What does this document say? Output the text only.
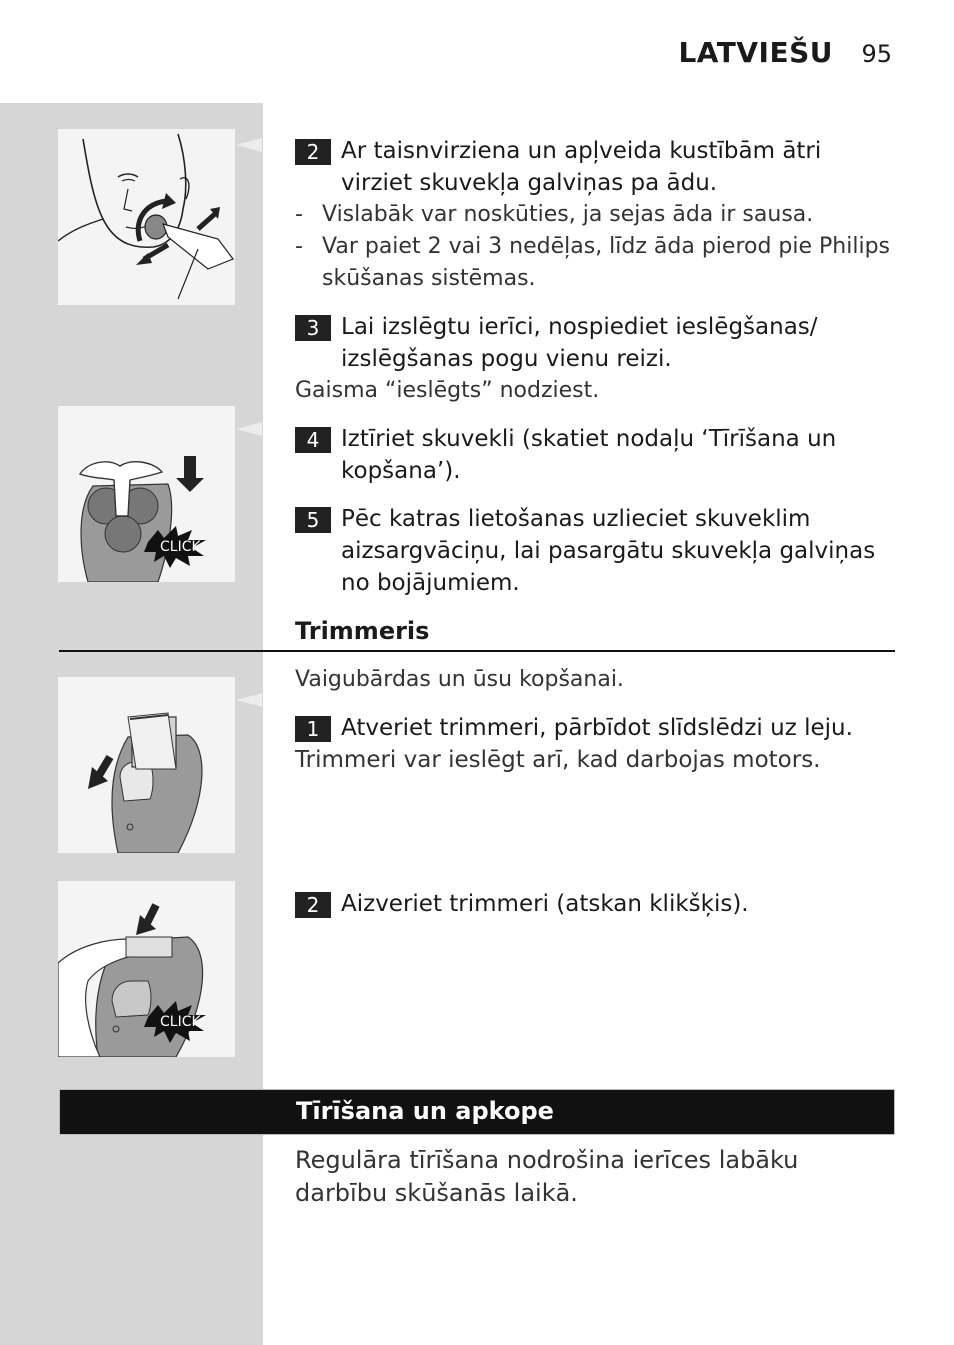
LATVIEŠU 95
CLICK
CLICK
2 Ar taisnvirziena un apļveida kustībām ātri virziet skuvekļa galviņas pa ādu.
- Vislabāk var noskūties, ja sejas āda ir sausa.
- Var paiet 2 vai 3 nedēļas, līdz āda pierod pie Philips skūšanas sistēmas.
3 Lai izslēgtu ierīci, nospiediet ieslēgšanas/ izslēgšanas pogu vienu reizi.
Gaisma “ieslēgts” nodziest.
4 Iztīriet skuvekli (skatiet nodaļu ‘Tīrīšana un kopšana’).
5 Pēc katras lietošanas uzlieciet skuveklim aizsargvāciņu, lai pasargātu skuvekļa galviņas no bojājumiem.
Trimmeris
Vaigubārdas un ūsu kopšanai.
1 Atveriet trimmeri, pārbīdot slīdslēdzi uz leju.
Trimmeri var ieslēgt arī, kad darbojas motors.
2 Aizveriet trimmeri (atskan klikšķis).
Tīrīšana un apkope
Regulāra tīrīšana nodrošina ierīces labāku darbību skūšanās laikā.
